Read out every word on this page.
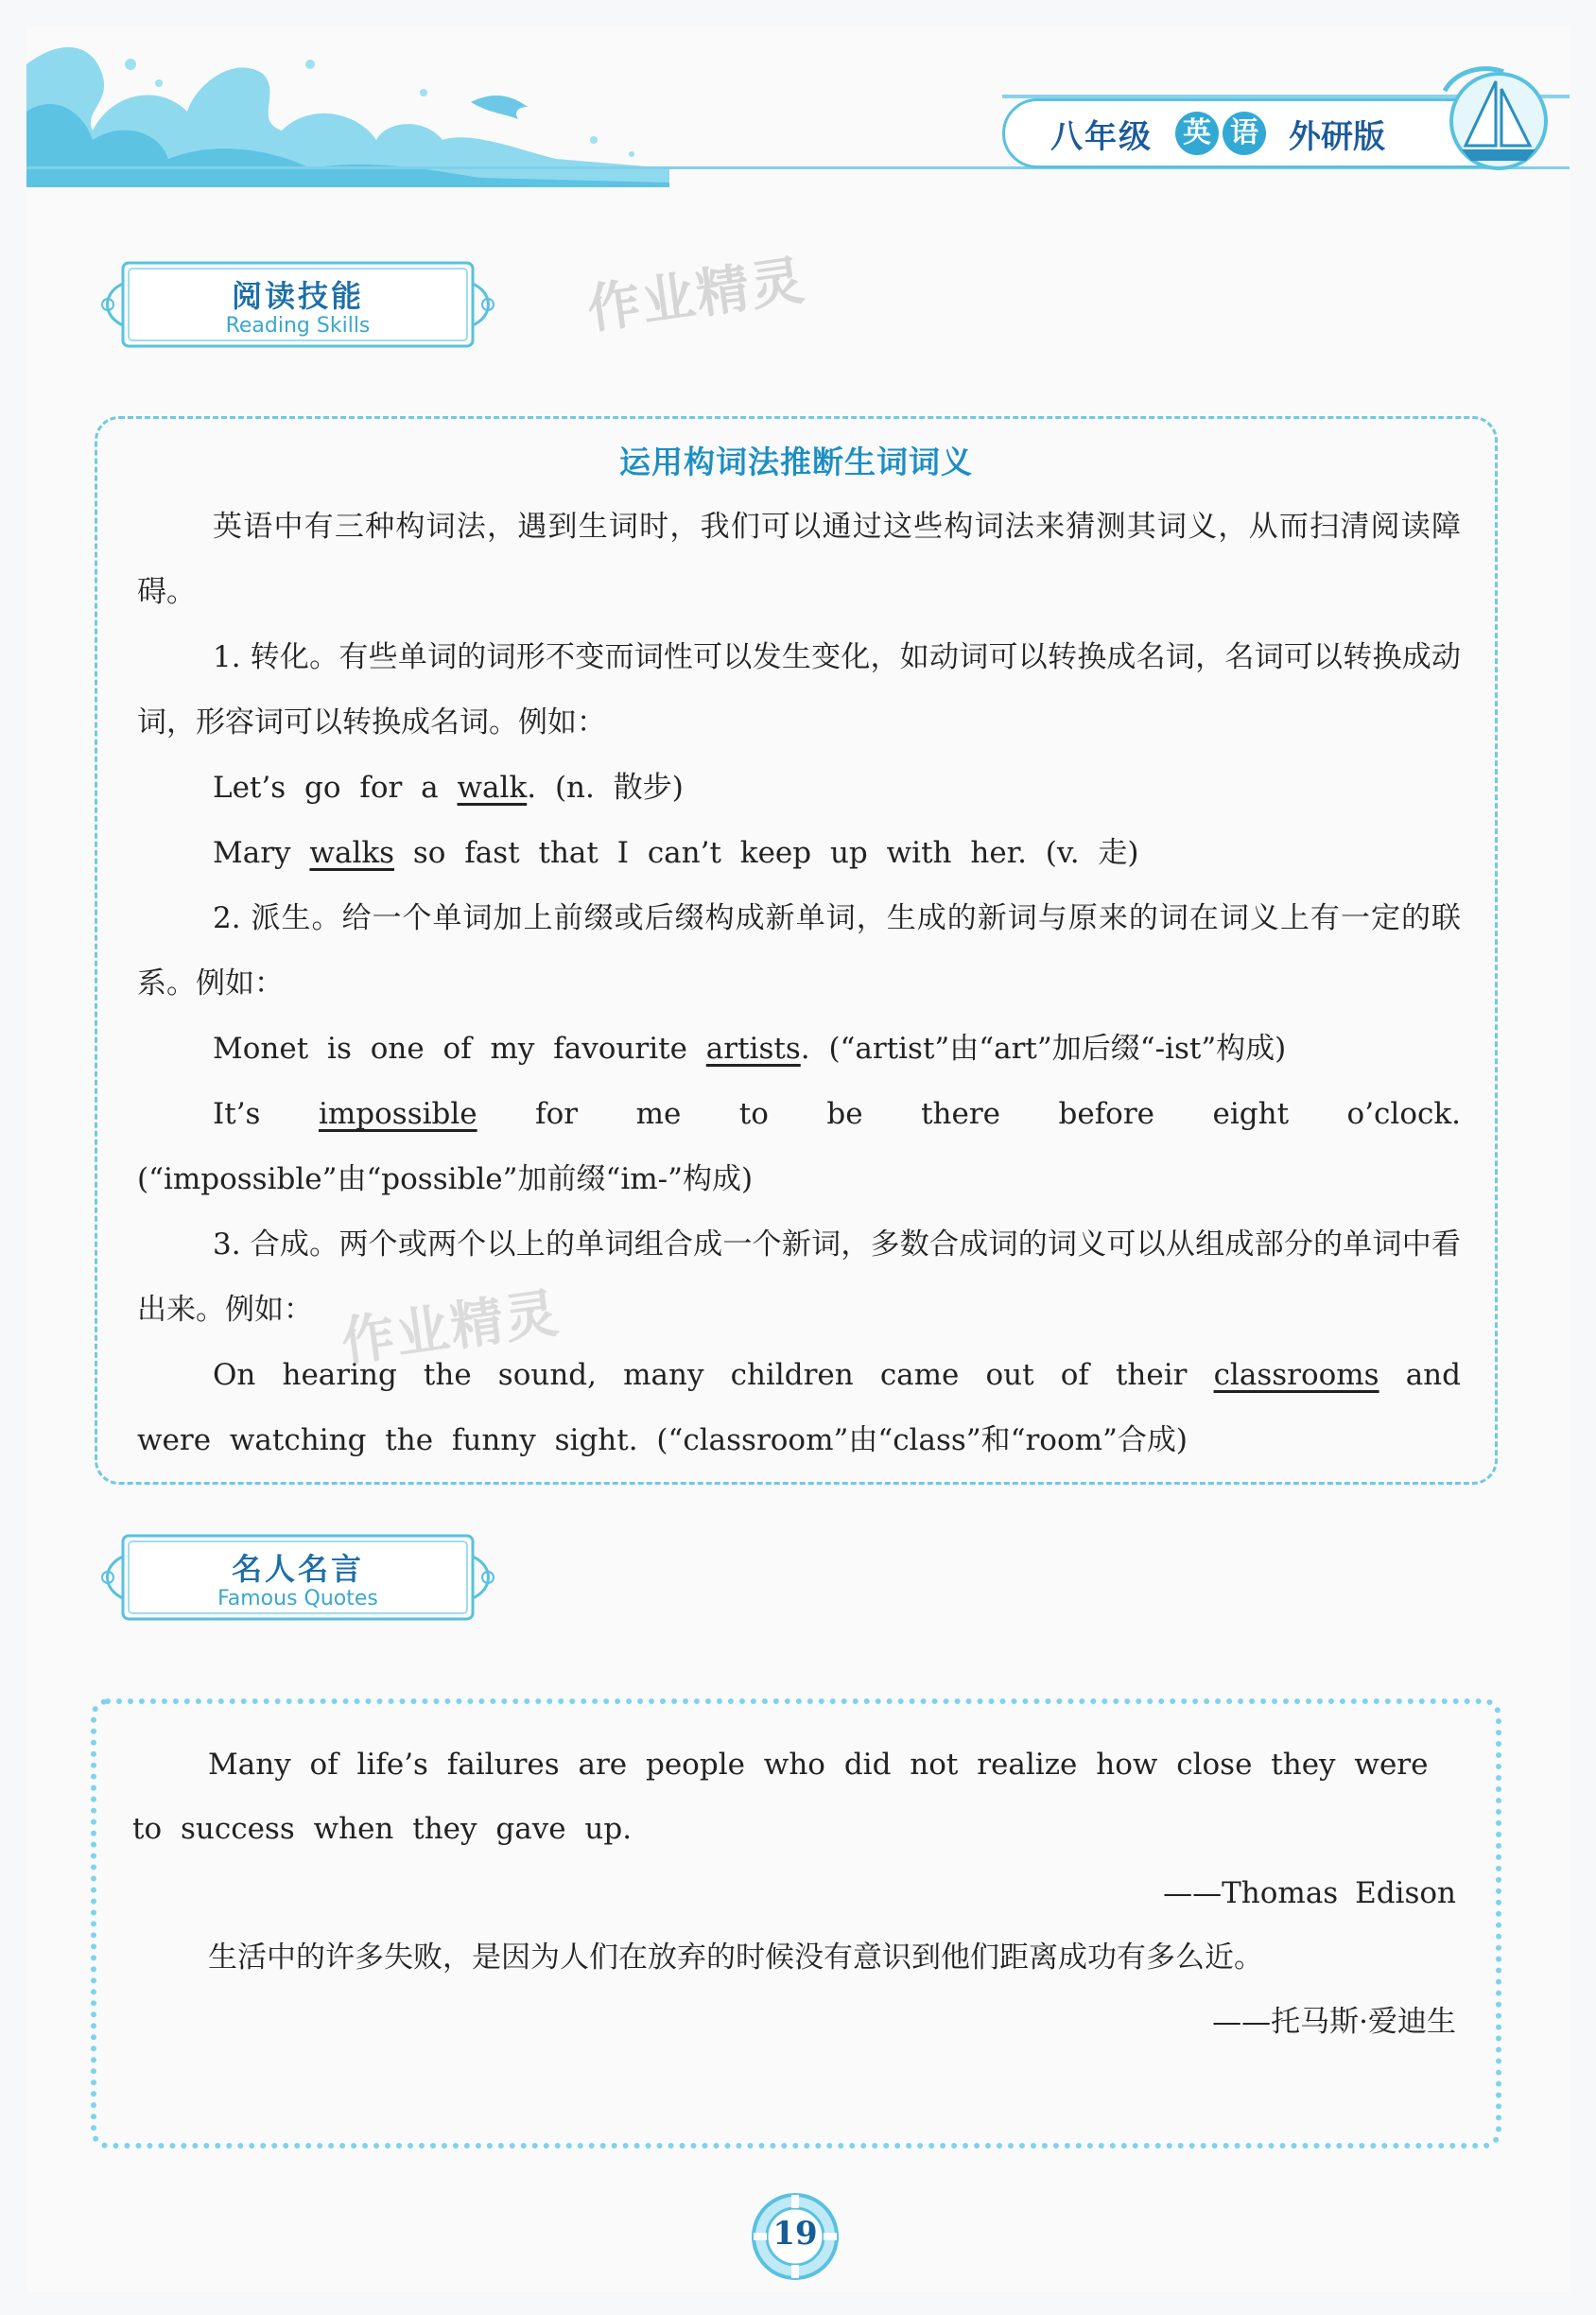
八年级 英 语 外研版
阅读技能
Reading Skills	作业精灵
运用构词法推断生词词义

英语中有三种构词法，遇到生词时，我们可以通过这些构词法来猜测其词义，从而扫清阅读障碍。

1. 转化。有些单词的词形不变而词性可以发生变化，如动词可以转换成名词，名词可以转换成动词，形容词可以转换成名词。例如：

Let’s go for a walk. (n. 散步)

Mary walks so fast that I can’t keep up with her. (v. 走)

2. 派生。给一个单词加上前缀或后缀构成新单词，生成的新词与原来的词在词义上有一定的联系。例如：

Monet is one of my favourite artists. (“artist”由“art”加后缀“-ist”构成)

It’s impossible for me to be there before eight o’clock. (“impossible”由“possible”加前缀“im-”构成)

3. 合成。两个或两个以上的单词组合成一个新词，多数合成词的词义可以从组成部分的单词中看出来。例如：

On hearing the sound, many children came out of their classrooms and were watching the funny sight. (“classroom”由“class”和“room”合成)

作业精灵
名人名言
Famous Quotes

Many of life’s failures are people who did not realize how close they were to success when they gave up.

——Thomas Edison

生活中的许多失败，是因为人们在放弃的时候没有意识到他们距离成功有多么近。

——托马斯·爱迪生

19
